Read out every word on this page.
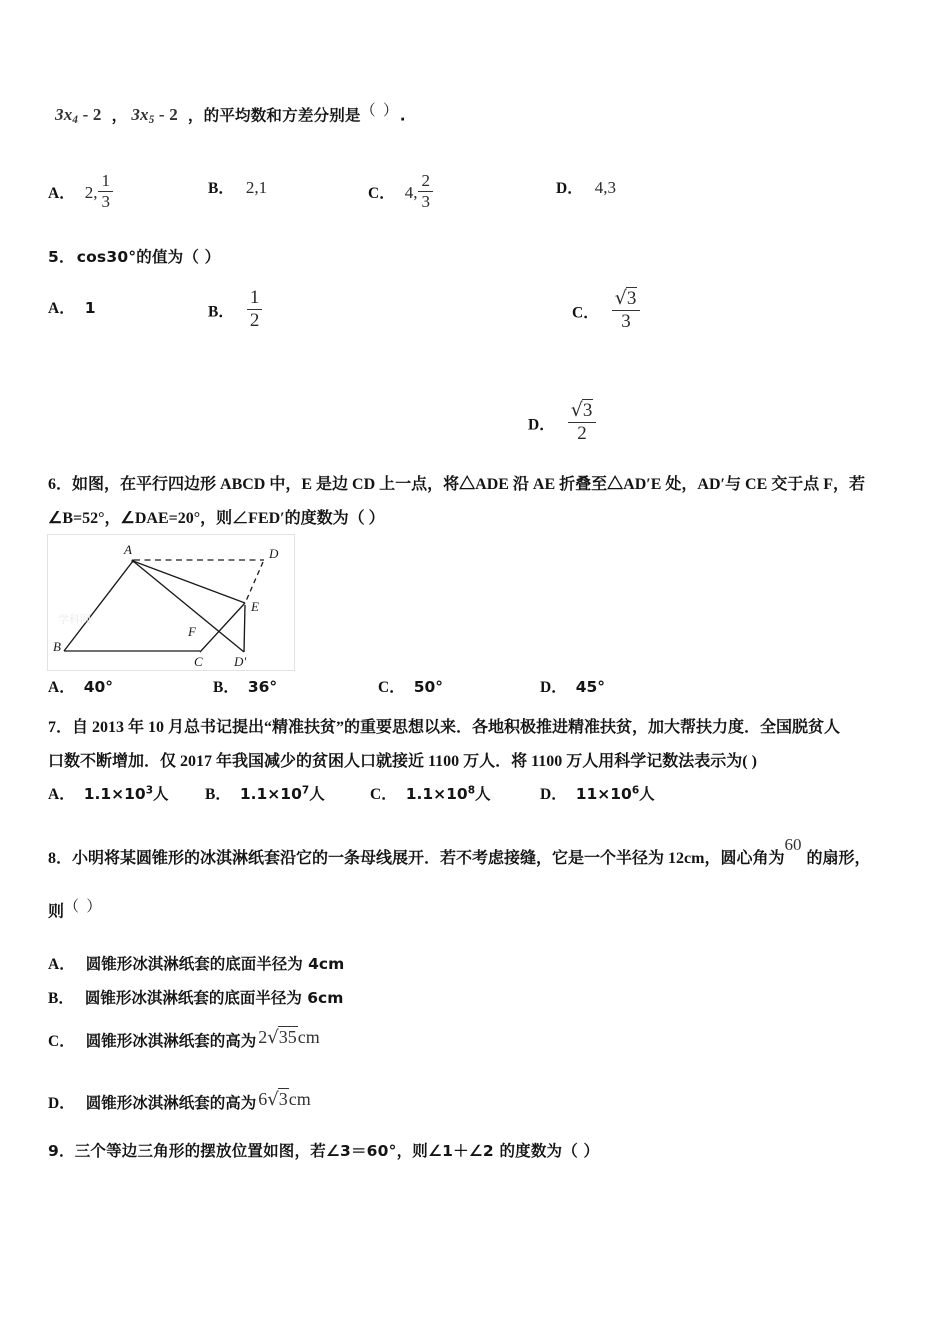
$3x_4 - 2$ ， $3x_5 - 2$ ，的平均数和方差分别是（ ）.
A． 2, $\frac{1}{3}$	B． 2,1	C． 4, $\frac{2}{3}$	D． 4,3
5． cos30°的值为（ ）
A． 1	B． $\frac{1}{2}$	C． $\frac{√3}{3}$
D． $\frac{√3}{2}$
6．如图，在平行四边形 ABCD 中，E 是边 CD 上一点，将△ADE 沿 AE 折叠至△AD′E 处，AD′与 CE 交于点 F，若
∠B=52°，∠DAE=20°，则∠FED′的度数为（ ）
A
B
C
D
E
F
D'
学科网
A． 40°	B． 36°	C． 50°	D． 45°
7．自 2013 年 10 月总书记提出“精准扶贫”的重要思想以来．各地积极推进精准扶贫，加大帮扶力度．全国脱贫人
口数不断增加．仅 2017 年我国减少的贫困人口就接近 1100 万人．将 1100 万人用科学记数法表示为( )
A． $1.1\times 10^3$人 B． $1.1\times 10^7$人	C． $1.1\times 10^8$人	D． $11\times 10^6$人
8．小明将某圆锥形的冰淇淋纸套沿它的一条母线展开．若不考虑接缝，它是一个半径为 12cm，圆心角为60的扇形，
则（ ）
A． 圆锥形冰淇淋纸套的底面半径为 4cm
B． 圆锥形冰淇淋纸套的底面半径为 6cm
C． 圆锥形冰淇淋纸套的高为 2√35cm
D． 圆锥形冰淇淋纸套的高为 6√3cm
9．三个等边三角形的摆放位置如图，若∠3＝60°，则∠1＋∠2 的度数为（ ）
